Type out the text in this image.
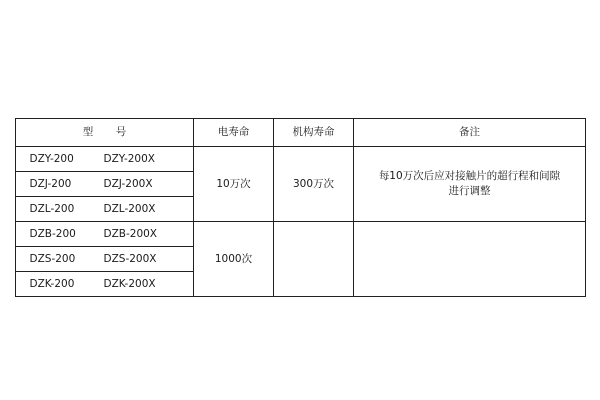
型　号	电寿命	机构寿命	备注
DZY-200 DZY-200X	10万次	300万次	每10万次后应对接触片的超行程和间隙
进行调整

DZJ-200 DZJ-200X			
DZL-200 DZL-200X			
DZB-200 DZB-200X	1000次		
DZS-200 DZS-200X			
DZK-200 DZK-200X			
